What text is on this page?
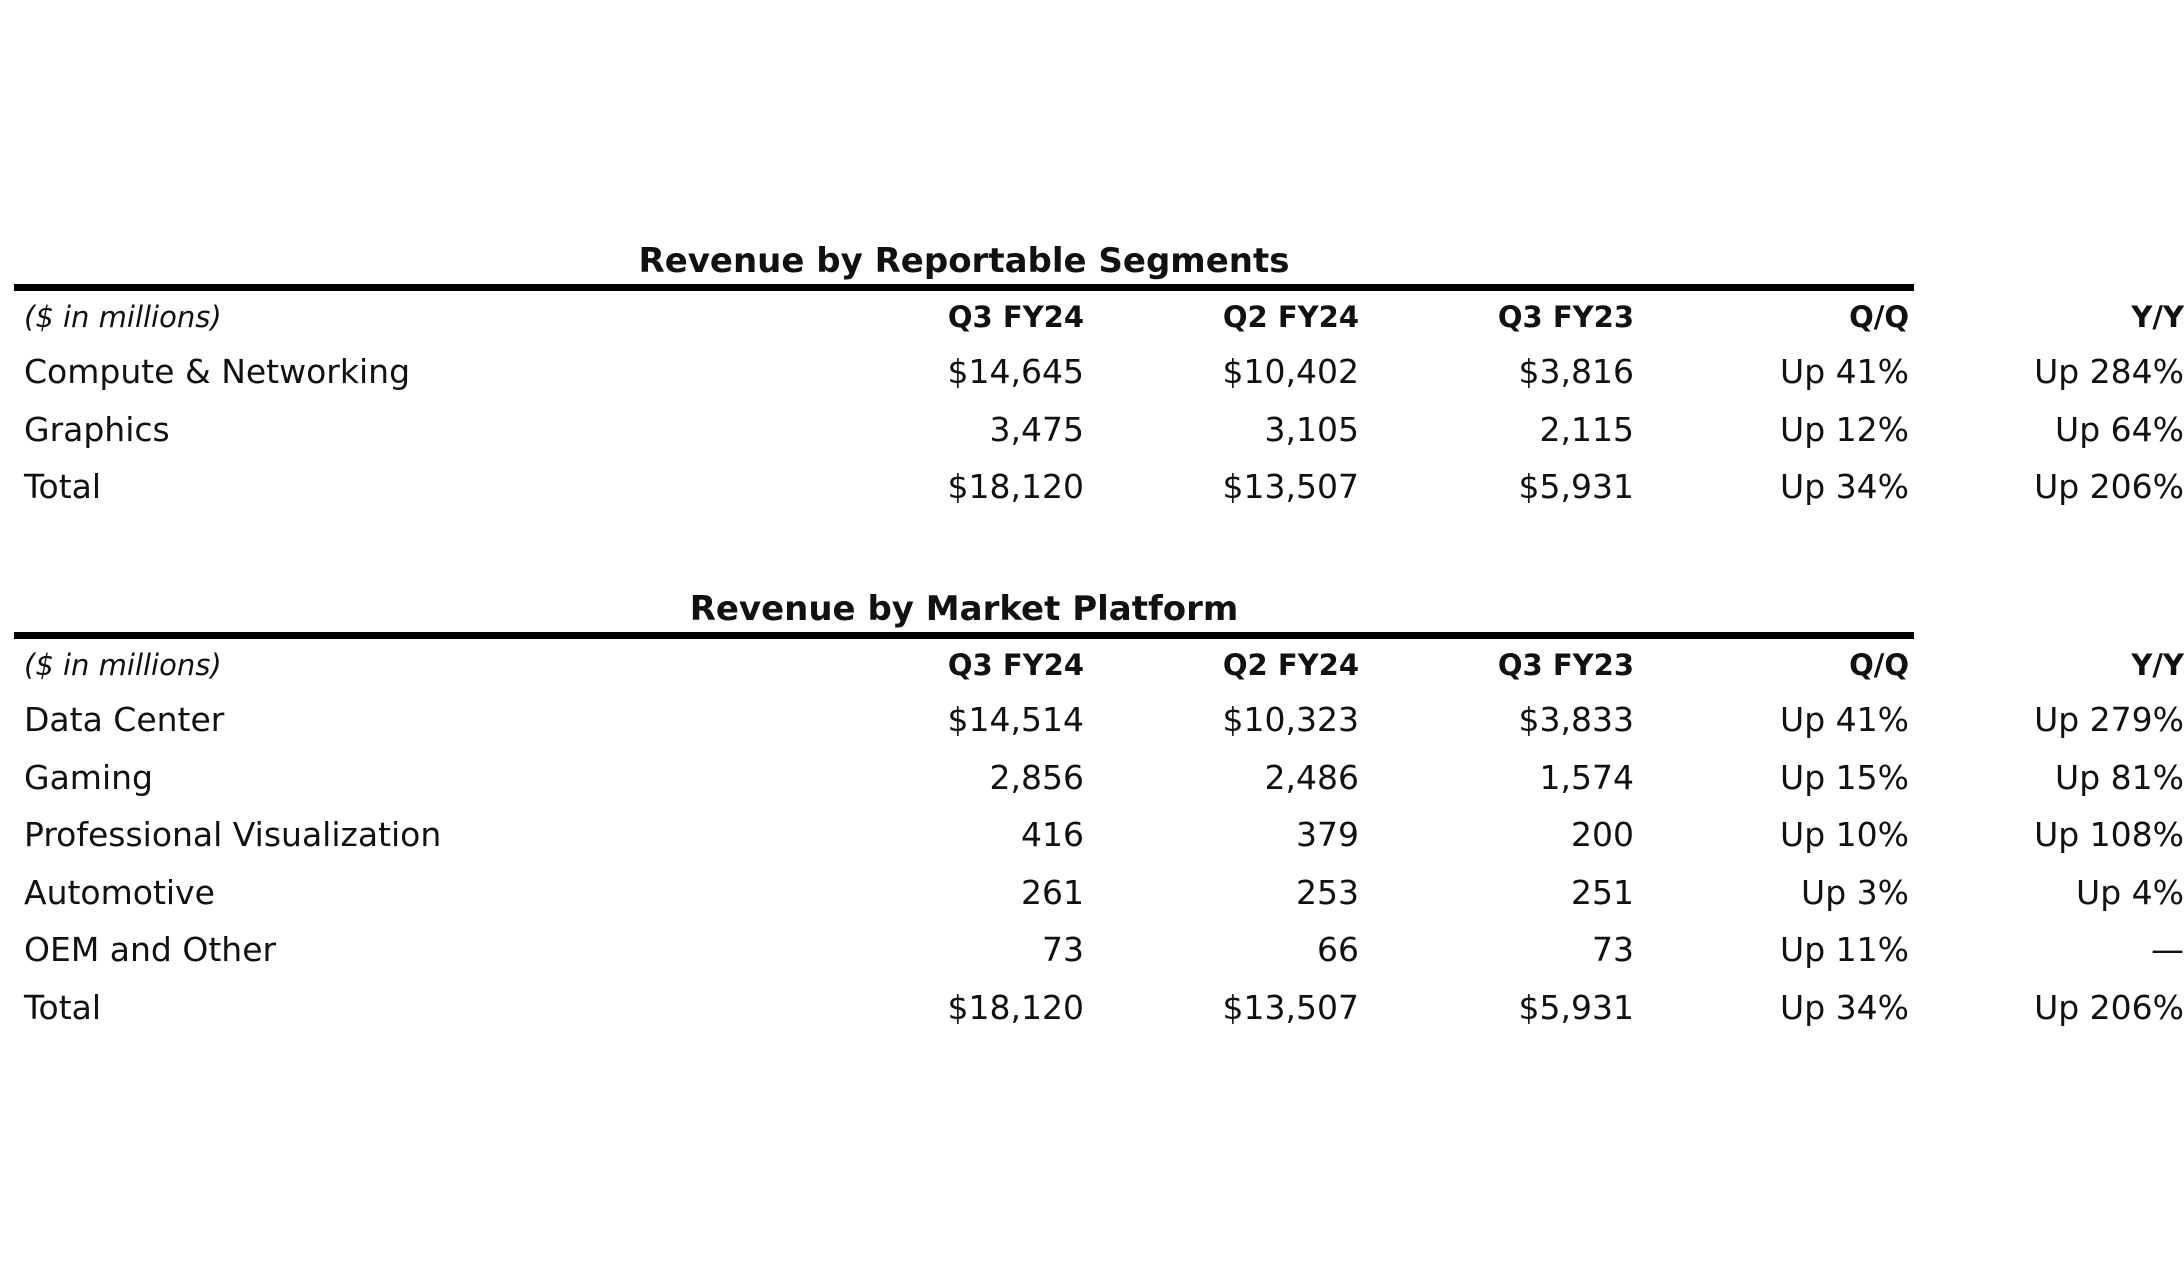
Revenue by Reportable Segments
($ in millions)	Q3 FY24	Q2 FY24	Q3 FY23	Q/Q	Y/Y
Compute & Networking	$14,645	$10,402	$3,816	Up 41%	Up 284%
Graphics	3,475	3,105	2,115	Up 12%	Up 64%
Total	$18,120	$13,507	$5,931	Up 34%	Up 206%
Revenue by Market Platform
($ in millions)	Q3 FY24	Q2 FY24	Q3 FY23	Q/Q	Y/Y
Data Center	$14,514	$10,323	$3,833	Up 41%	Up 279%
Gaming	2,856	2,486	1,574	Up 15%	Up 81%
Professional Visualization	416	379	200	Up 10%	Up 108%
Automotive	261	253	251	Up 3%	Up 4%
OEM and Other	73	66	73	Up 11%	—
Total	$18,120	$13,507	$5,931	Up 34%	Up 206%
